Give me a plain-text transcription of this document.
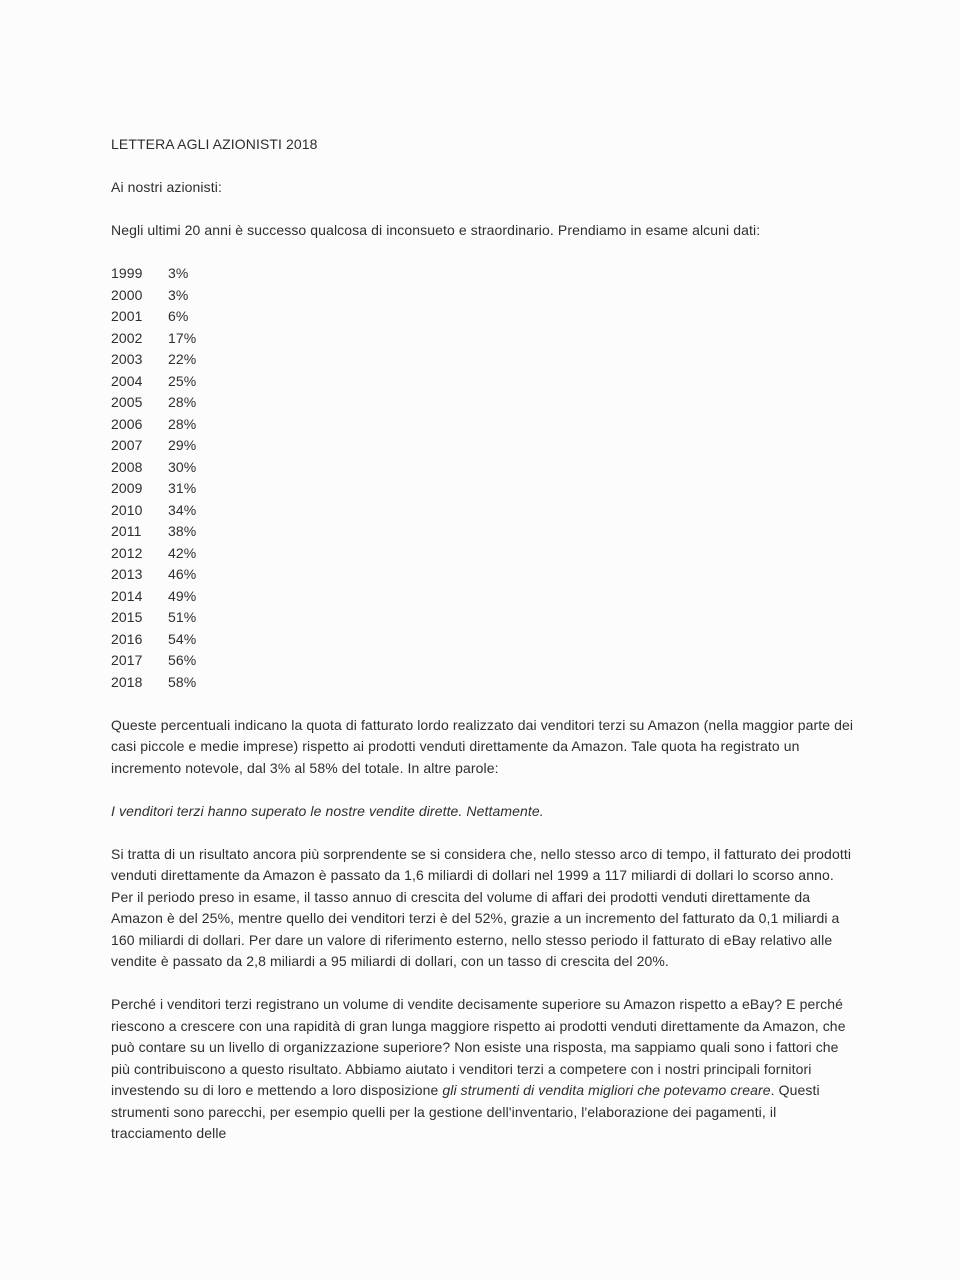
LETTERA AGLI AZIONISTI 2018

Ai nostri azionisti:

Negli ultimi 20 anni è successo qualcosa di inconsueto e straordinario. Prendiamo in esame alcuni dati:

1999 3%
2000 3%
2001 6%
2002 17%
2003 22%
2004 25%
2005 28%
2006 28%
2007 29%
2008 30%
2009 31%
2010 34%
2011 38%
2012 42%
2013 46%
2014 49%
2015 51%
2016 54%
2017 56%
2018 58%

Queste percentuali indicano la quota di fatturato lordo realizzato dai venditori terzi su Amazon (nella maggior parte dei casi piccole e medie imprese) rispetto ai prodotti venduti direttamente da Amazon. Tale quota ha registrato un incremento notevole, dal 3% al 58% del totale. In altre parole:

I venditori terzi hanno superato le nostre vendite dirette. Nettamente.

Si tratta di un risultato ancora più sorprendente se si considera che, nello stesso arco di tempo, il fatturato dei prodotti venduti direttamente da Amazon è passato da 1,6 miliardi di dollari nel 1999 a 117 miliardi di dollari lo scorso anno. Per il periodo preso in esame, il tasso annuo di crescita del volume di affari dei prodotti venduti direttamente da Amazon è del 25%, mentre quello dei venditori terzi è del 52%, grazie a un incremento del fatturato da 0,1 miliardi a 160 miliardi di dollari. Per dare un valore di riferimento esterno, nello stesso periodo il fatturato di eBay relativo alle vendite è passato da 2,8 miliardi a 95 miliardi di dollari, con un tasso di crescita del 20%.

Perché i venditori terzi registrano un volume di vendite decisamente superiore su Amazon rispetto a eBay? E perché riescono a crescere con una rapidità di gran lunga maggiore rispetto ai prodotti venduti direttamente da Amazon, che può contare su un livello di organizzazione superiore? Non esiste una risposta, ma sappiamo quali sono i fattori che più contribuiscono a questo risultato. Abbiamo aiutato i venditori terzi a competere con i nostri principali fornitori investendo su di loro e mettendo a loro disposizione gli strumenti di vendita migliori che potevamo creare. Questi strumenti sono parecchi, per esempio quelli per la gestione dell'inventario, l'elaborazione dei pagamenti, il tracciamento delle
